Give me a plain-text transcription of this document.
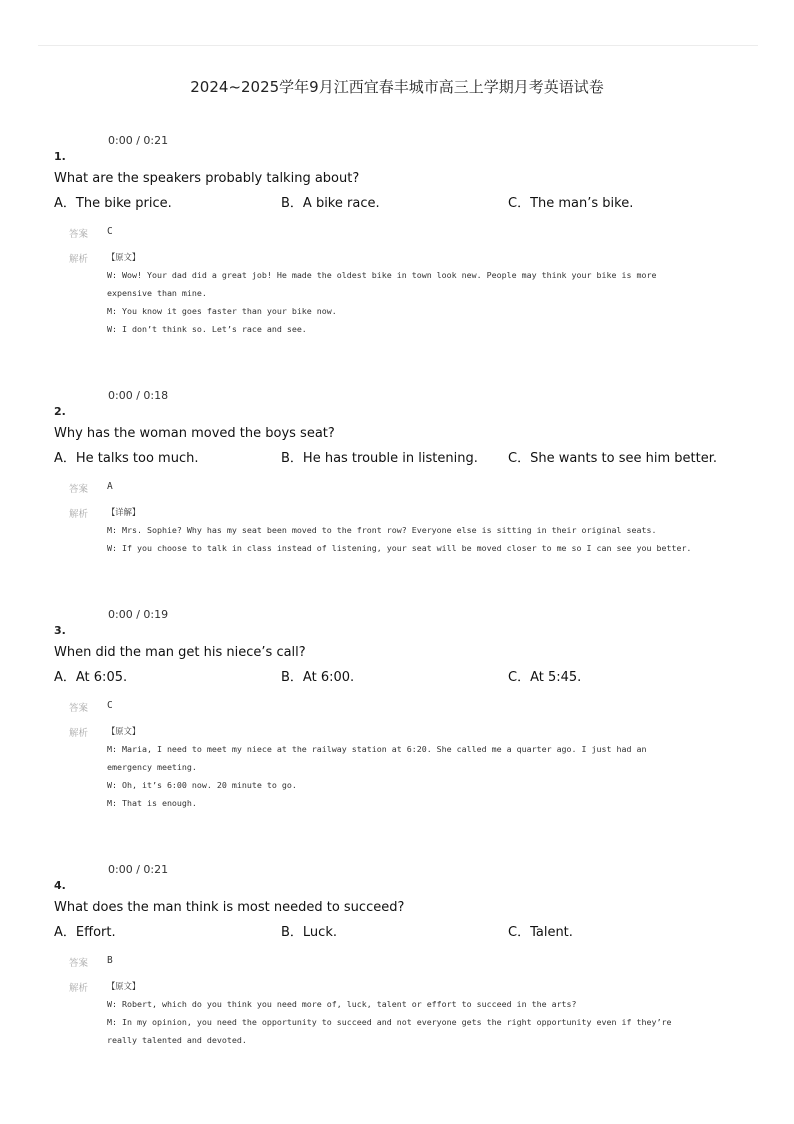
2024~2025学年9月江西宜春丰城市高三上学期月考英语试卷
0:00 / 0:21
1.
What are the speakers probably talking about?
A．The bike price.	B．A bike race.	C．The man’s bike.
答案 C
解析 【原文】
W: Wow! Your dad did a great job! He made the oldest bike in town look new. People may think your bike is more
expensive than mine.
M: You know it goes faster than your bike now.
W: I don’t think so. Let’s race and see.
0:00 / 0:18
2.
Why has the woman moved the boys seat?
A．He talks too much.	B．He has trouble in listening. C．She wants to see him better.
答案 A
解析 【详解】
M: Mrs. Sophie? Why has my seat been moved to the front row? Everyone else is sitting in their original seats.
W: If you choose to talk in class instead of listening, your seat will be moved closer to me so I can see you better.
0:00 / 0:19
3.
When did the man get his niece’s call?
A．At 6:05.	B．At 6:00.	C．At 5:45.
答案 C
解析 【原文】
M: Maria, I need to meet my niece at the railway station at 6:20. She called me a quarter ago. I just had an
emergency meeting.
W: Oh, it’s 6:00 now. 20 minute to go.
M: That is enough.
0:00 / 0:21
4.
What does the man think is most needed to succeed?
A．Effort.	B．Luck.	C．Talent.
答案 B
解析 【原文】
W: Robert, which do you think you need more of, luck, talent or effort to succeed in the arts?
M: In my opinion, you need the opportunity to succeed and not everyone gets the right opportunity even if they’re
really talented and devoted.
